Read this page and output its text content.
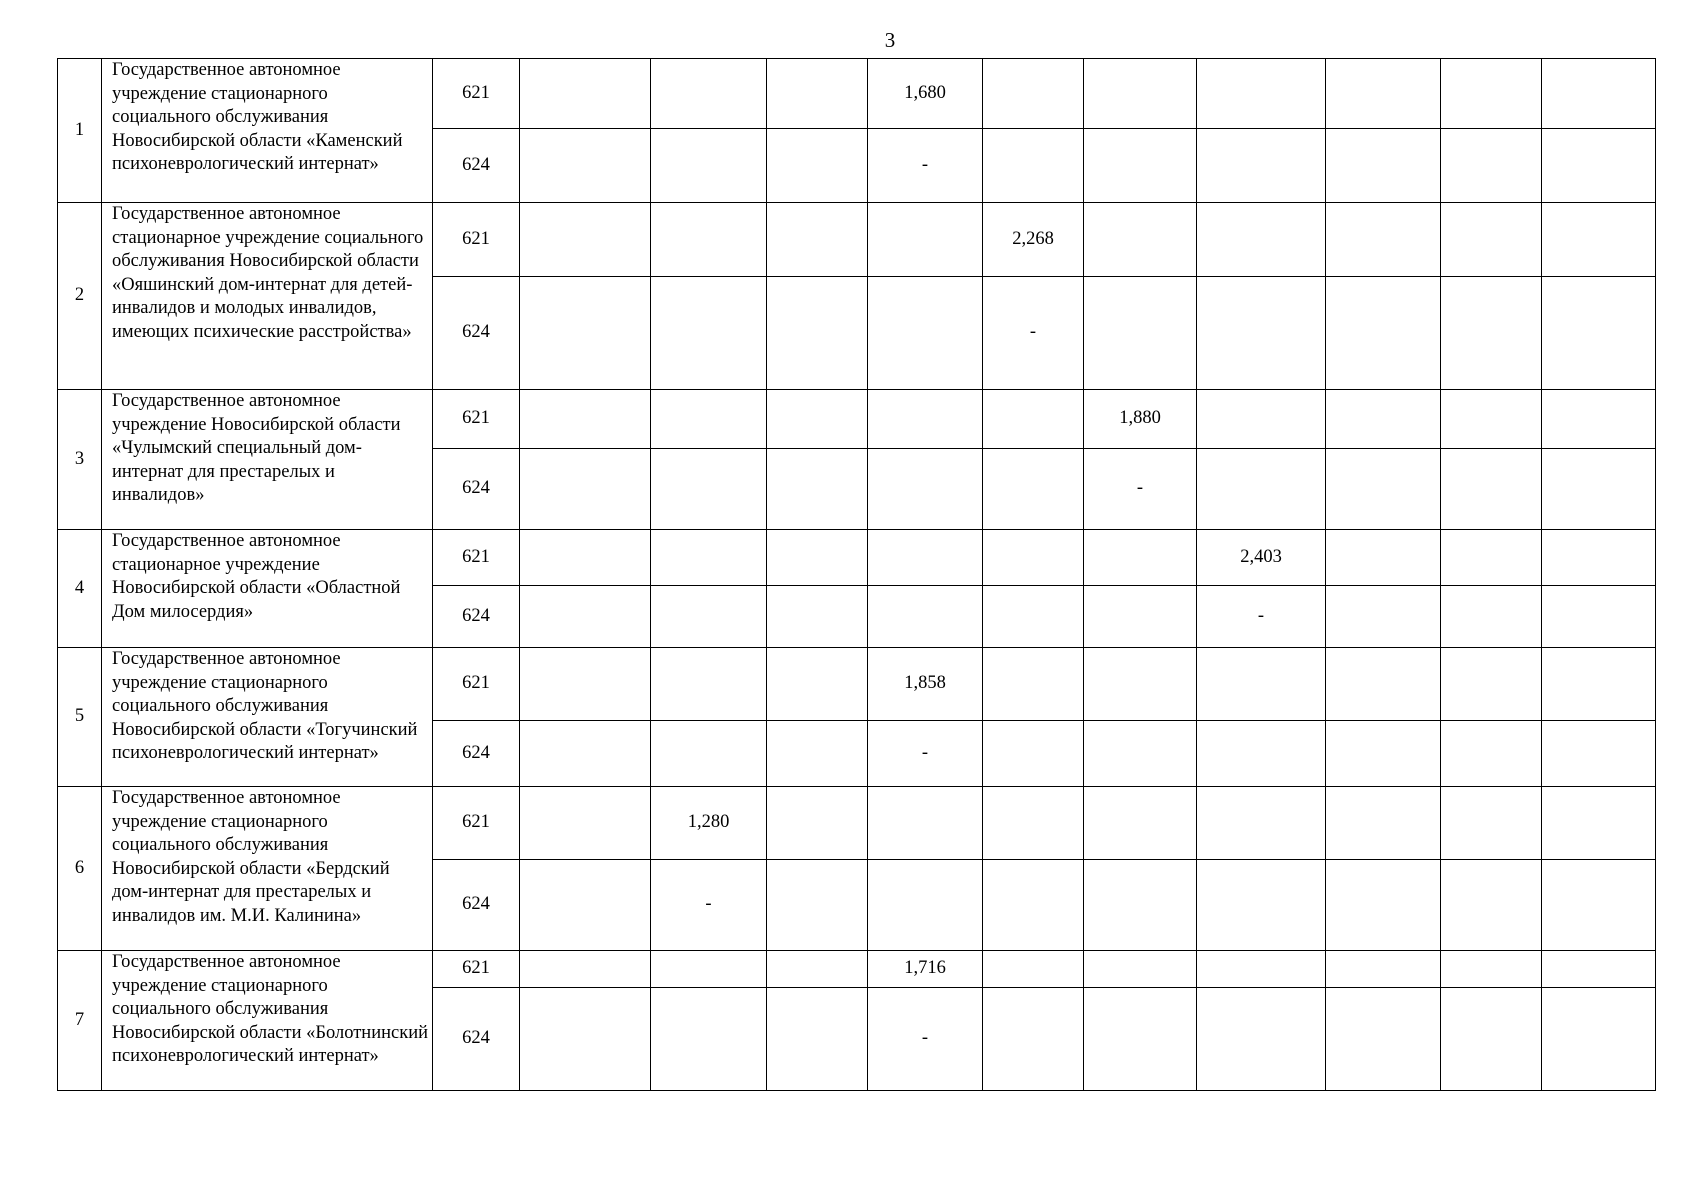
3
1	Государственное автономное учреждение стационарного социального обслуживания Новосибирской области «Каменский психоневрологический интернат»	621				1,680						
		624				-						
2	Государственное автономное стационарное учреждение социального обслуживания Новосибирской области «Ояшинский дом-интернат для детей-инвалидов и молодых инвалидов, имеющих психические расстройства»	621					2,268					
		624					-					
3	Государственное автономное учреждение Новосибирской области «Чулымский специальный дом-интернат для престарелых и инвалидов»	621						1,880				
		624						-				
4	Государственное автономное стационарное учреждение Новосибирской области «Областной Дом милосердия»	621							2,403			
		624							-			
5	Государственное автономное учреждение стационарного социального обслуживания Новосибирской области «Тогучинский психоневрологический интернат»	621				1,858						
		624				-						
6	Государственное автономное учреждение стационарного социального обслуживания Новосибирской области «Бердский дом-интернат для престарелых и инвалидов им. М.И. Калинина»	621		1,280								
		624		-								
7	Государственное автономное учреждение стационарного социального обслуживания Новосибирской области «Болотнинский психоневрологический интернат»	621				1,716						
		624				-						
